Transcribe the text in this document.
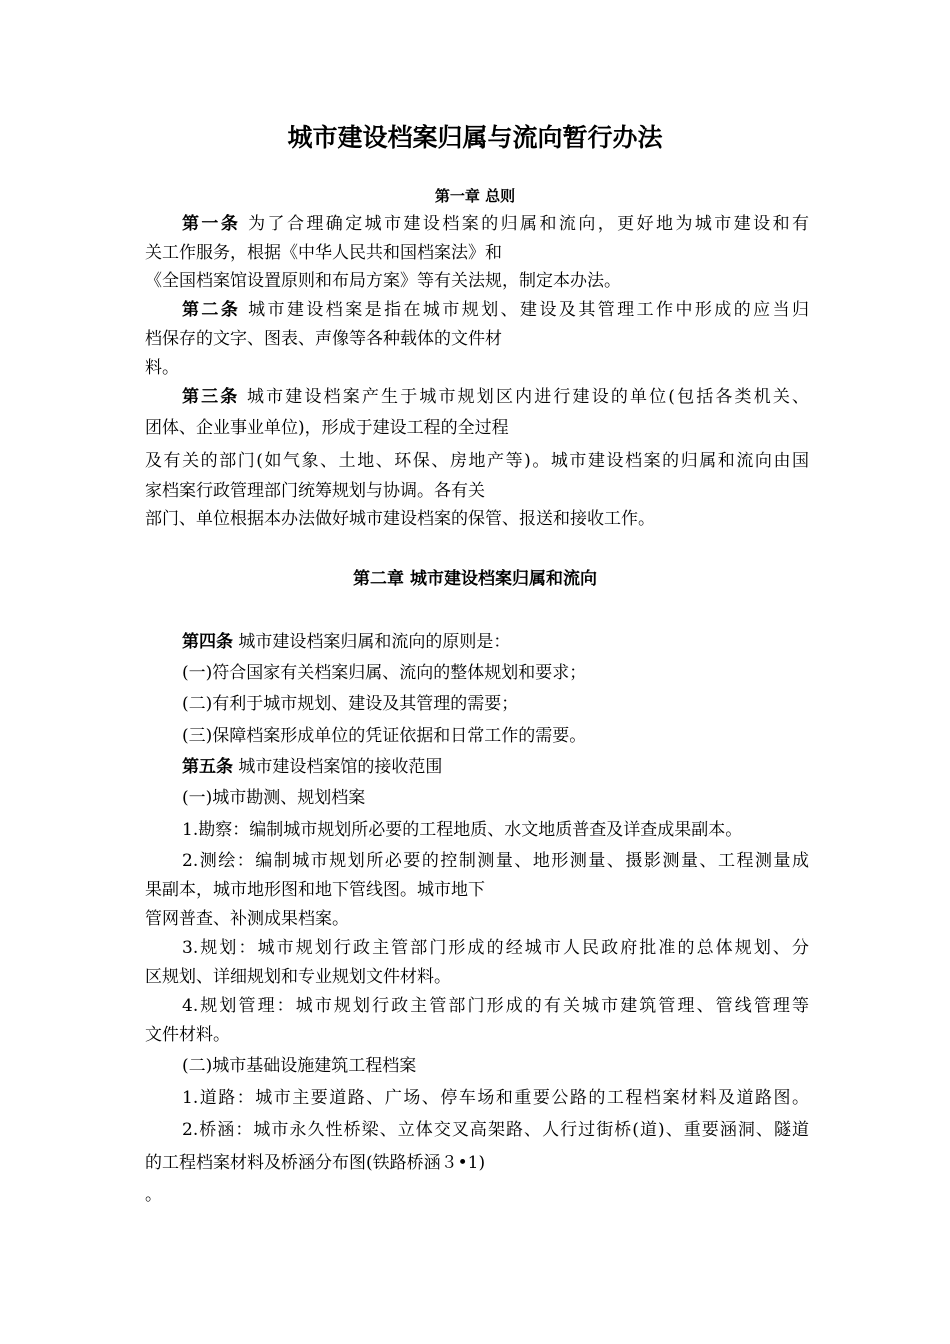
城市建设档案归属与流向暂行办法
第一章 总则

第一条 为了合理确定城市建设档案的归属和流向，更好地为城市建设和有

关工作服务，根据《中华人民共和国档案法》和

《全国档案馆设置原则和布局方案》等有关法规，制定本办法。

第二条 城市建设档案是指在城市规划、建设及其管理工作中形成的应当归

档保存的文字、图表、声像等各种载体的文件材

料。

第三条 城市建设档案产生于城市规划区内进行建设的单位(包括各类机关、

团体、企业事业单位)，形成于建设工程的全过程

及有关的部门(如气象、土地、环保、房地产等)。城市建设档案的归属和流向由国

家档案行政管理部门统筹规划与协调。各有关

部门、单位根据本办法做好城市建设档案的保管、报送和接收工作。

第二章 城市建设档案归属和流向

第四条 城市建设档案归属和流向的原则是：

(一)符合国家有关档案归属、流向的整体规划和要求；

(二)有利于城市规划、建设及其管理的需要；

(三)保障档案形成单位的凭证依据和日常工作的需要。

第五条 城市建设档案馆的接收范围

(一)城市勘测、规划档案

1.勘察：编制城市规划所必要的工程地质、水文地质普查及详查成果副本。

2.测绘：编制城市规划所必要的控制测量、地形测量、摄影测量、工程测量成

果副本，城市地形图和地下管线图。城市地下

管网普查、补测成果档案。

3.规划：城市规划行政主管部门形成的经城市人民政府批准的总体规划、分

区规划、详细规划和专业规划文件材料。

4.规划管理：城市规划行政主管部门形成的有关城市建筑管理、管线管理等

文件材料。

(二)城市基础设施建筑工程档案

1.道路：城市主要道路、广场、停车场和重要公路的工程档案材料及道路图。

2.桥涵：城市永久性桥梁、立体交叉高架路、人行过街桥(道)、重要涵洞、隧道

的工程档案材料及桥涵分布图(铁路桥涵３•1)

。
